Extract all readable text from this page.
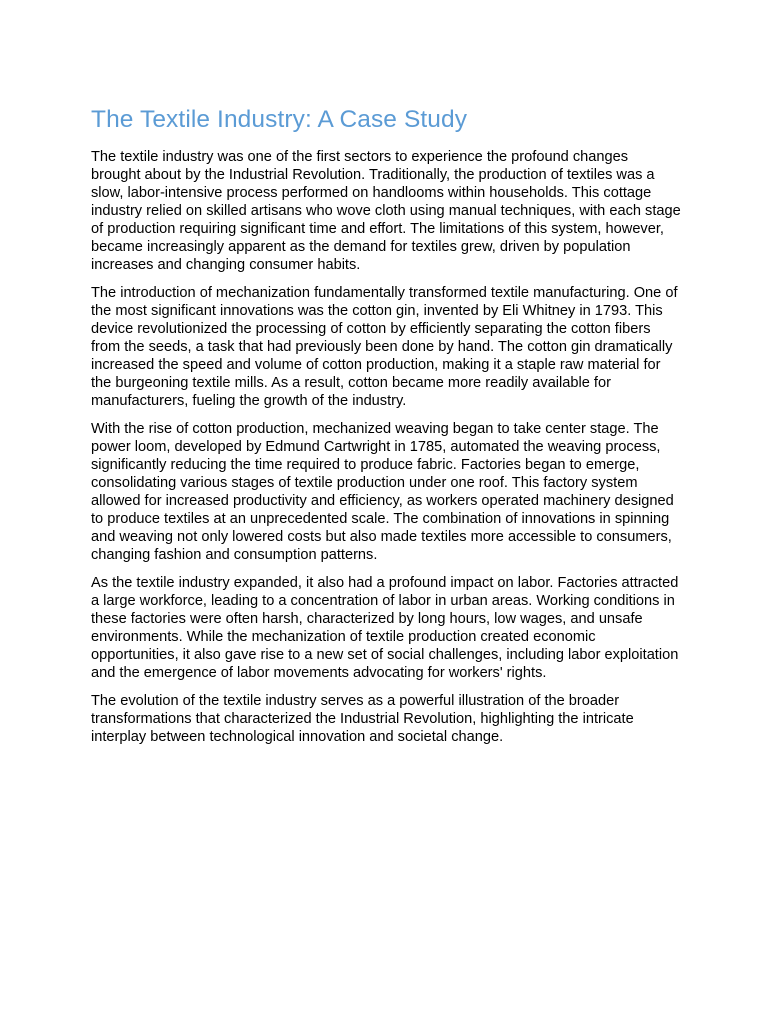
The Textile Industry: A Case Study

The textile industry was one of the first sectors to experience the profound changes brought about by the Industrial Revolution. Traditionally, the production of textiles was a slow, labor-intensive process performed on handlooms within households. This cottage industry relied on skilled artisans who wove cloth using manual techniques, with each stage of production requiring significant time and effort. The limitations of this system, however, became increasingly apparent as the demand for textiles grew, driven by population increases and changing consumer habits.

The introduction of mechanization fundamentally transformed textile manufacturing. One of the most significant innovations was the cotton gin, invented by Eli Whitney in 1793. This device revolutionized the processing of cotton by efficiently separating the cotton fibers from the seeds, a task that had previously been done by hand. The cotton gin dramatically increased the speed and volume of cotton production, making it a staple raw material for the burgeoning textile mills. As a result, cotton became more readily available for manufacturers, fueling the growth of the industry.

With the rise of cotton production, mechanized weaving began to take center stage. The power loom, developed by Edmund Cartwright in 1785, automated the weaving process, significantly reducing the time required to produce fabric. Factories began to emerge, consolidating various stages of textile production under one roof. This factory system allowed for increased productivity and efficiency, as workers operated machinery designed to produce textiles at an unprecedented scale. The combination of innovations in spinning and weaving not only lowered costs but also made textiles more accessible to consumers, changing fashion and consumption patterns.

As the textile industry expanded, it also had a profound impact on labor. Factories attracted a large workforce, leading to a concentration of labor in urban areas. Working conditions in these factories were often harsh, characterized by long hours, low wages, and unsafe environments. While the mechanization of textile production created economic opportunities, it also gave rise to a new set of social challenges, including labor exploitation and the emergence of labor movements advocating for workers' rights.

The evolution of the textile industry serves as a powerful illustration of the broader transformations that characterized the Industrial Revolution, highlighting the intricate interplay between technological innovation and societal change.
